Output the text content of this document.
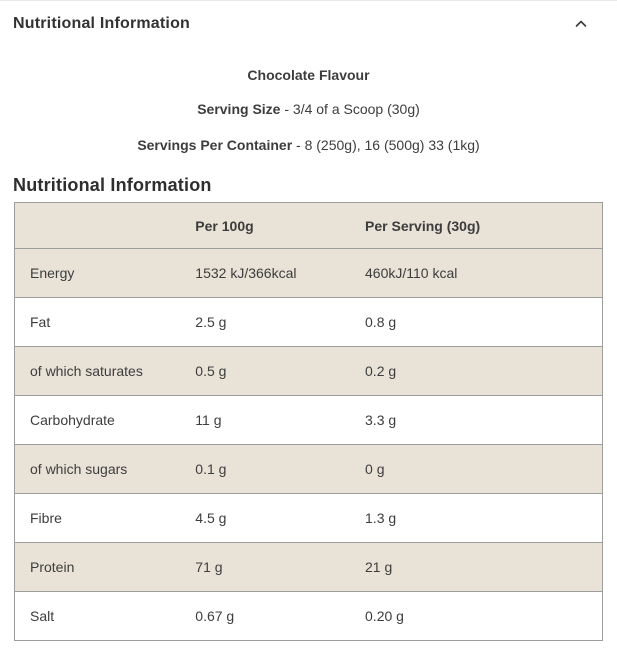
Nutritional Information

Chocolate Flavour

Serving Size - 3/4 of a Scoop (30g)

Servings Per Container - 8 (250g), 16 (500g) 33 (1kg)

Nutritional Information
	Per 100g	Per Serving (30g)
Energy	1532 kJ/366kcal	460kJ/110 kcal
Fat	2.5 g	0.8 g
of which saturates	0.5 g	0.2 g
Carbohydrate	11 g	3.3 g
of which sugars	0.1 g	0 g
Fibre	4.5 g	1.3 g
Protein	71 g	21 g
Salt	0.67 g	0.20 g
